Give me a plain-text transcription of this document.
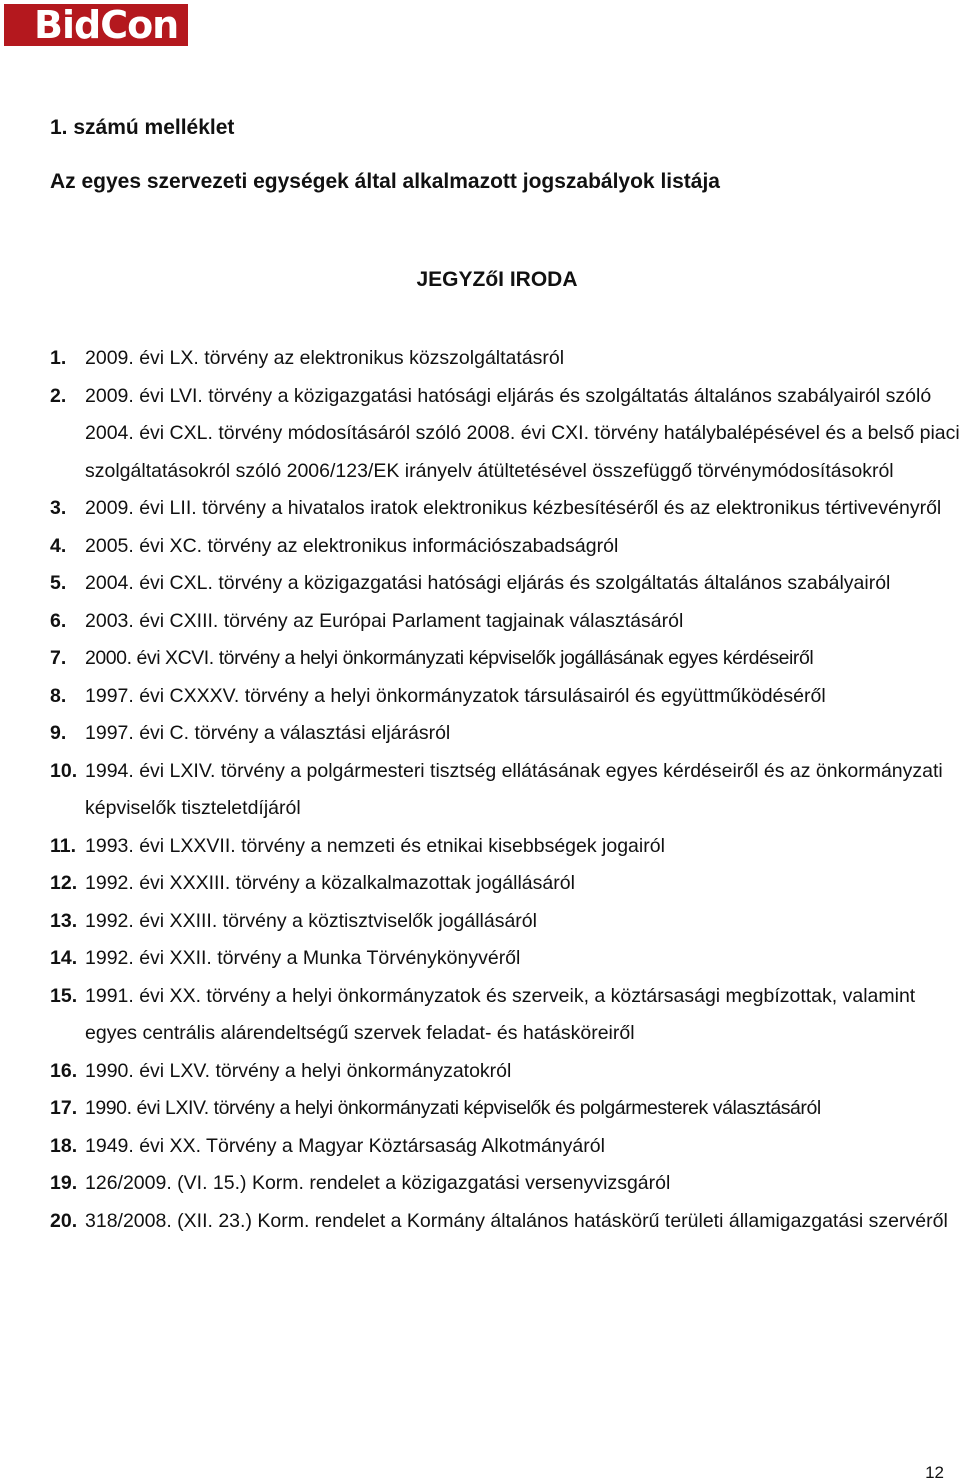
BidCon
1. számú melléklet
Az egyes szervezeti egységek által alkalmazott jogszabályok listája
JEGYZőI IRODA
1. 2009. évi LX. törvény az elektronikus közszolgáltatásról
2. 2009. évi LVI. törvény a közigazgatási hatósági eljárás és szolgáltatás általános szabályairól szóló 2004. évi CXL. törvény módosításáról szóló 2008. évi CXI. törvény hatálybalépésével és a belső piaci szolgáltatásokról szóló 2006/123/EK irányelv átültetésével összefüggő törvénymódosításokról
3. 2009. évi LII. törvény a hivatalos iratok elektronikus kézbesítéséről és az elektronikus tértivevényről
4. 2005. évi XC. törvény az elektronikus információszabadságról
5. 2004. évi CXL. törvény a közigazgatási hatósági eljárás és szolgáltatás általános szabályairól
6. 2003. évi CXIII. törvény az Európai Parlament tagjainak választásáról
7. 2000. évi XCVI. törvény a helyi önkormányzati képviselők jogállásának egyes kérdéseiről
8. 1997. évi CXXXV. törvény a helyi önkormányzatok társulásairól és együttműködéséről
9. 1997. évi C. törvény a választási eljárásról
10. 1994. évi LXIV. törvény a polgármesteri tisztség ellátásának egyes kérdéseiről és az önkormányzati képviselők tiszteletdíjáról
11. 1993. évi LXXVII. törvény a nemzeti és etnikai kisebbségek jogairól
12. 1992. évi XXXIII. törvény a közalkalmazottak jogállásáról
13. 1992. évi XXIII. törvény a köztisztviselők jogállásáról
14. 1992. évi XXII. törvény a Munka Törvénykönyvéről
15. 1991. évi XX. törvény a helyi önkormányzatok és szerveik, a köztársasági megbízottak, valamint egyes centrális alárendeltségű szervek feladat- és hatásköreiről
16. 1990. évi LXV. törvény a helyi önkormányzatokról
17. 1990. évi LXIV. törvény a helyi önkormányzati képviselők és polgármesterek választásáról
18. 1949. évi XX. Törvény a Magyar Köztársaság Alkotmányáról
19. 126/2009. (VI. 15.) Korm. rendelet a közigazgatási versenyvizsgáról
20. 318/2008. (XII. 23.) Korm. rendelet a Kormány általános hatáskörű területi államigazgatási szervéről
12
